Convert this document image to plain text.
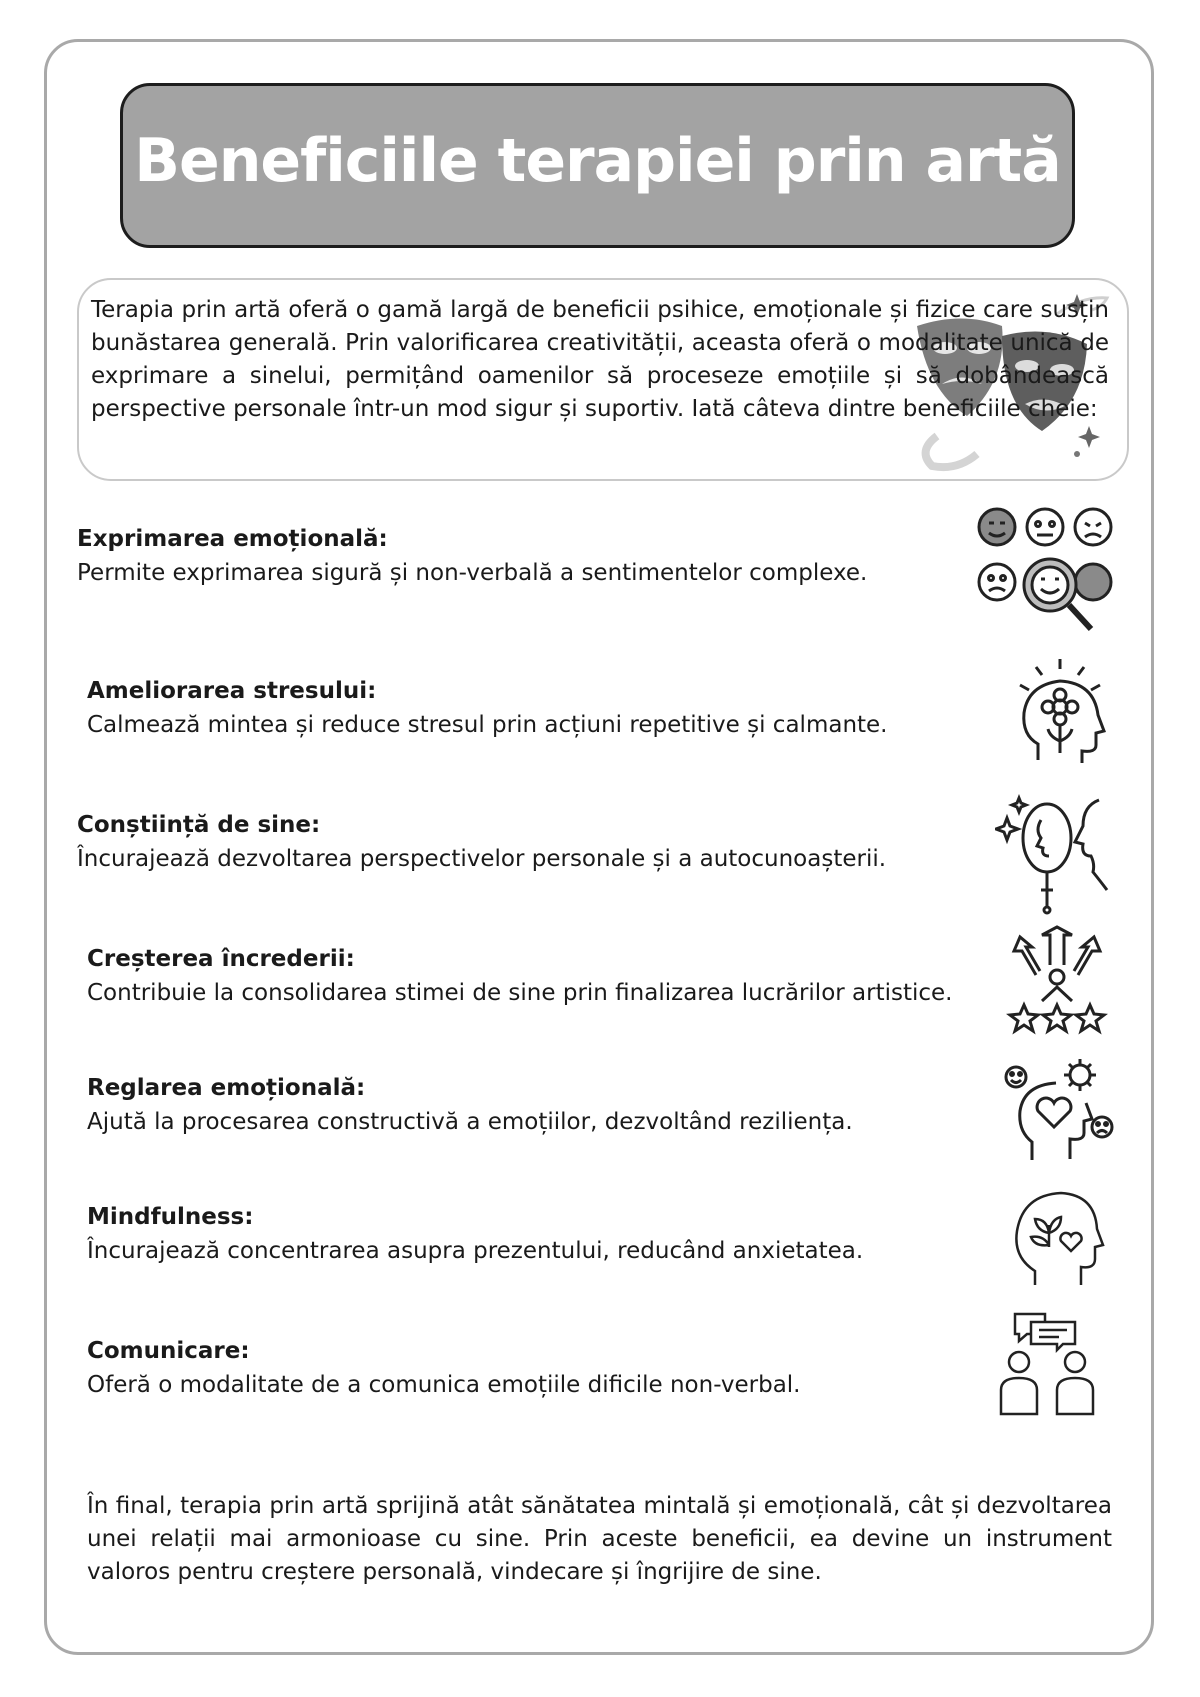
Beneficiile terapiei prin artă

Terapia prin artă oferă o gamă largă de beneficii psihice, emoționale și fizice care susțin bunăstarea generală. Prin valorificarea creativității, aceasta oferă o modalitate unică de exprimare a sinelui, permițând oamenilor să proceseze emoțiile și să dobândească perspective personale într-un mod sigur și suportiv. Iată câteva dintre beneficiile cheie:

Exprimarea emoțională:

Permite exprimarea sigură și non-verbală a sentimentelor complexe.

Ameliorarea stresului:

Calmează mintea și reduce stresul prin acțiuni repetitive și calmante.

Conștiință de sine:

Încurajează dezvoltarea perspectivelor personale și a autocunoașterii.

Creșterea încrederii:

Contribuie la consolidarea stimei de sine prin finalizarea lucrărilor artistice.

Reglarea emoțională:

Ajută la procesarea constructivă a emoțiilor, dezvoltând reziliența.

Mindfulness:

Încurajează concentrarea asupra prezentului, reducând anxietatea.

Comunicare:

Oferă o modalitate de a comunica emoțiile dificile non-verbal.

În final, terapia prin artă sprijină atât sănătatea mintală și emoțională, cât și dezvoltarea unei relații mai armonioase cu sine. Prin aceste beneficii, ea devine un instrument valoros pentru creștere personală, vindecare și îngrijire de sine.
